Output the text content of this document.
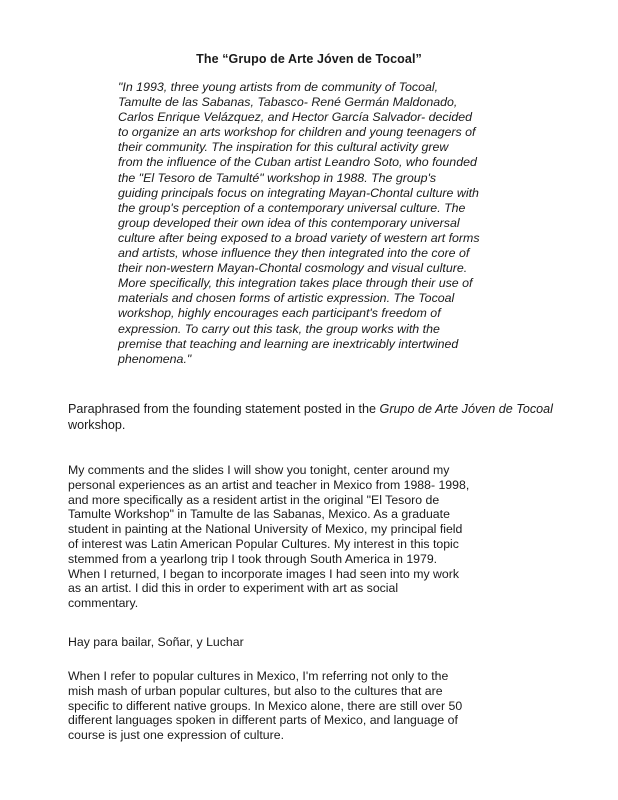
The “Grupo de Arte Jóven de Tocoal”
"In 1993, three young artists from de community of Tocoal,
Tamulte de las Sabanas, Tabasco- René Germán Maldonado,
Carlos Enrique Velázquez, and Hector García Salvador- decided
to organize an arts workshop for children and young teenagers of
their community. The inspiration for this cultural activity grew
from the influence of the Cuban artist Leandro Soto, who founded
the "El Tesoro de Tamulté" workshop in 1988. The group's
guiding principals focus on integrating Mayan-Chontal culture with
the group's perception of a contemporary universal culture. The
group developed their own idea of this contemporary universal
culture after being exposed to a broad variety of western art forms
and artists, whose influence they then integrated into the core of
their non-western Mayan-Chontal cosmology and visual culture.
More specifically, this integration takes place through their use of
materials and chosen forms of artistic expression. The Tocoal
workshop, highly encourages each participant's freedom of
expression. To carry out this task, the group works with the
premise that teaching and learning are inextricably intertwined
phenomena."
Paraphrased from the founding statement posted in the Grupo de Arte Jóven de Tocoal workshop.
My comments and the slides I will show you tonight, center around my
personal experiences as an artist and teacher in Mexico from 1988- 1998,
and more specifically as a resident artist in the original "El Tesoro de
Tamulte Workshop" in Tamulte de las Sabanas, Mexico. As a graduate
student in painting at the National University of Mexico, my principal field
of interest was Latin American Popular Cultures. My interest in this topic
stemmed from a yearlong trip I took through South America in 1979.
When I returned, I began to incorporate images I had seen into my work
as an artist. I did this in order to experiment with art as social
commentary.
Hay para bailar, Soñar, y Luchar
When I refer to popular cultures in Mexico, I'm referring not only to the
mish mash of urban popular cultures, but also to the cultures that are
specific to different native groups. In Mexico alone, there are still over 50
different languages spoken in different parts of Mexico, and language of
course is just one expression of culture.
